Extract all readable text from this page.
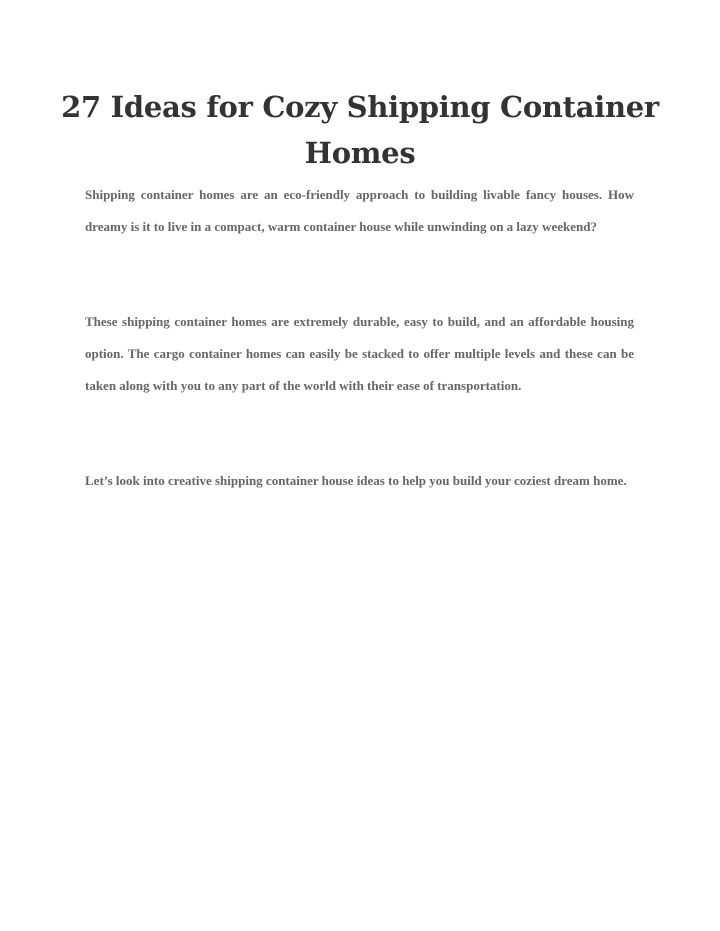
27 Ideas for Cozy Shipping Container Homes

Shipping container homes are an eco-friendly approach to building livable fancy houses. How dreamy is it to live in a compact, warm container house while unwinding on a lazy weekend?

These shipping container homes are extremely durable, easy to build, and an affordable housing option. The cargo container homes can easily be stacked to offer multiple levels and these can be taken along with you to any part of the world with their ease of transportation.

Let’s look into creative shipping container house ideas to help you build your coziest dream home.
